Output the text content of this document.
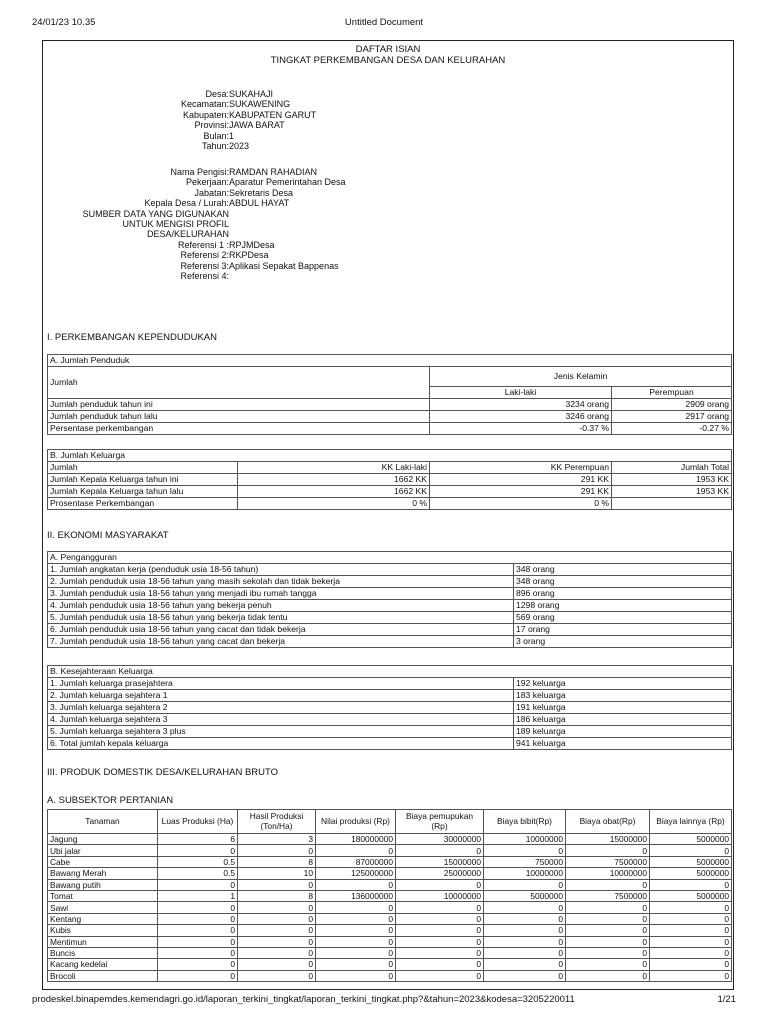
24/01/23 10.35	Untitled Document
DAFTAR ISIAN
TINGKAT PERKEMBANGAN DESA DAN KELURAHAN
Desa: SUKAHAJI
Kecamatan: SUKAWENING
Kabupaten: KABUPATEN GARUT
Provinsi: JAWA BARAT
Bulan: 1
Tahun: 2023
Nama Pengisi: RAMDAN RAHADIAN
Pekerjaan: Aparatur Pemerintahan Desa
Jabatan: Sekretaris Desa
Kepala Desa / Lurah: ABDUL HAYAT
SUMBER DATA YANG DIGUNAKAN
UNTUK MENGISI PROFIL
DESA/KELURAHAN
Referensi 1 : RPJMDesa
Referensi 2: RKPDesa
Referensi 3: Aplikasi Sepakat Bappenas
Referensi 4:
I. PERKEMBANGAN KEPENDUDUKAN
A. Jumlah Penduduk		
Jumlah	Jenis Kelamin	
	Laki-laki	Perempuan
Jumlah penduduk tahun ini	3234 orang	2909 orang
Jumlah penduduk tahun lalu	3246 orang	2917 orang
Persentase perkembangan	-0.37 %	-0.27 %
B. Jumlah Keluarga			
Jumlah	KK Laki-laki	KK Perempuan	Jumlah Total
Jumlah Kepala Keluarga tahun ini	1662 KK	291 KK	1953 KK
Jumlah Kepala Keluarga tahun lalu	1662 KK	291 KK	1953 KK
Prosentase Perkembangan	0 %	0 %	
II. EKONOMI MASYARAKAT
A. Pengangguran	
1. Jumlah angkatan kerja (penduduk usia 18-56 tahun)	348 orang
2. Jumlah penduduk usia 18-56 tahun yang masih sekolah dan tidak bekerja	348 orang
3. Jumlah penduduk usia 18-56 tahun yang menjadi ibu rumah tangga	896 orang
4. Jumlah penduduk usia 18-56 tahun yang bekerja penuh	1298 orang
5. Jumlah penduduk usia 18-56 tahun yang bekerja tidak tentu	569 orang
6. Jumlah penduduk usia 18-56 tahun yang cacat dan tidak bekerja	17 orang
7. Jumlah penduduk usia 18-56 tahun yang cacat dan bekerja	3 orang
B. Kesejahteraan Keluarga	
1. Jumlah keluarga prasejahtera	192 keluarga
2. Jumlah keluarga sejahtera 1	183 keluarga
3. Jumlah keluarga sejahtera 2	191 keluarga
4. Jumlah keluarga sejahtera 3	186 keluarga
5. Jumlah keluarga sejahtera 3 plus	189 keluarga
6. Total jumlah kepala keluarga	941 keluarga
III. PRODUK DOMESTIK DESA/KELURAHAN BRUTO
A. SUBSEKTOR PERTANIAN
Tanaman	Luas Produksi (Ha)	Hasil Produksi (Ton/Ha)	Nilai produksi (Rp)	Biaya pemupukan (Rp)	Biaya bibit(Rp)	Biaya obat(Rp)	Biaya lainnya (Rp)
Jagung	6	3	180000000	30000000	10000000	15000000	5000000
Ubi jalar	0	0	0	0	0	0	0
Cabe	0.5	8	87000000	15000000	750000	7500000	5000000
Bawang Merah	0.5	10	125000000	25000000	10000000	10000000	5000000
Bawang putih	0	0	0	0	0	0	0
Tomat	1	8	136000000	10000000	5000000	7500000	5000000
Sawi	0	0	0	0	0	0	0
Kentang	0	0	0	0	0	0	0
Kubis	0	0	0	0	0	0	0
Mentimun	0	0	0	0	0	0	0
Buncis	0	0	0	0	0	0	0
Kacang kedelai	0	0	0	0	0	0	0
Brocoli	0	0	0	0	0	0	0
prodeskel.binapemdes.kemendagri.go.id/laporan_terkini_tingkat/laporan_terkini_tingkat.php?&tahun=2023&kodesa=3205220011	1/21
